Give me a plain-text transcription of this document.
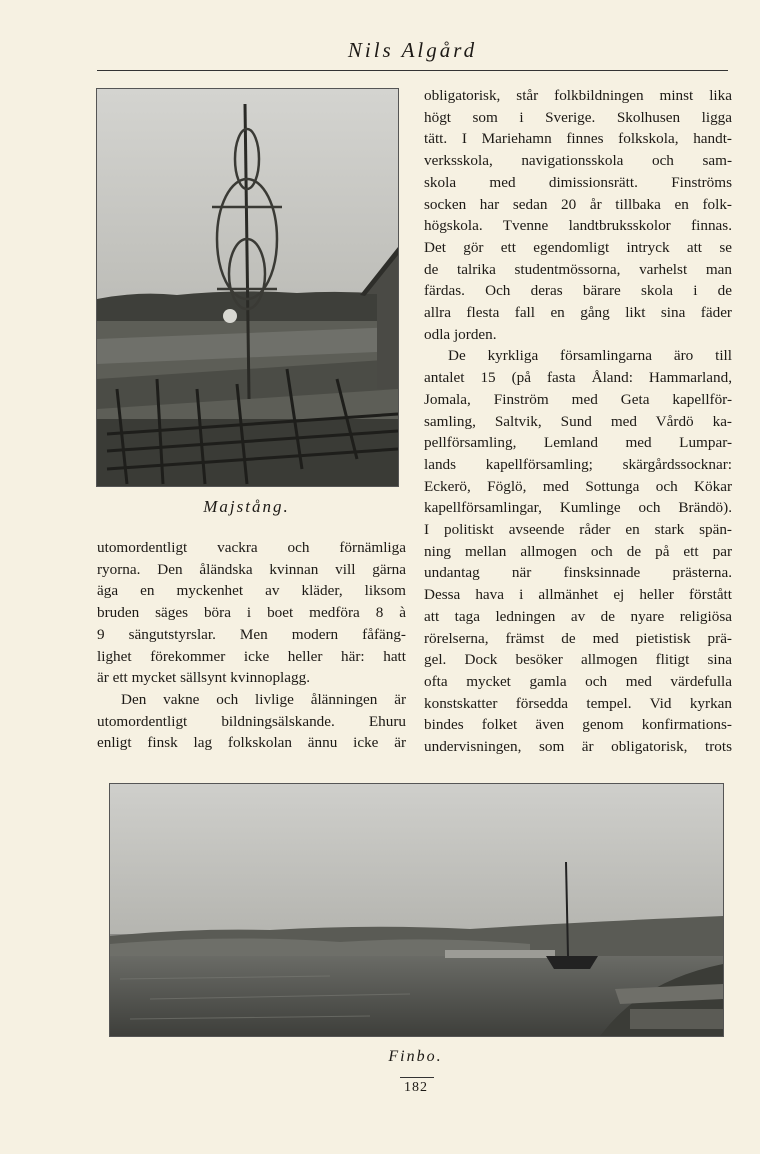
Nils Algård
Majstång.

utomordentligt vackra och förnämliga
ryorna. Den åländska kvinnan vill gärna
äga en myckenhet av kläder, liksom
bruden säges böra i boet medföra 8 à
9 sängutstyrslar. Men modern fåfäng-
lighet förekommer icke heller här: hatt
är ett mycket sällsynt kvinnoplagg.

Den vakne och livlige ålänningen är
utomordentligt bildningsälskande. Ehuru
enligt finsk lag folkskolan ännu icke är

obligatorisk, står folkbildningen minst lika
högt som i Sverige. Skolhusen ligga
tätt. I Mariehamn finnes folkskola, handt-
verksskola, navigationsskola och sam-
skola med dimissionsrätt. Finströms
socken har sedan 20 år tillbaka en folk-
högskola. Tvenne landtbruksskolor finnas.
Det gör ett egendomligt intryck att se
de talrika studentmössorna, varhelst man
färdas. Och deras bärare skola i de
allra flesta fall en gång likt sina fäder
odla jorden.

De kyrkliga församlingarna äro till
antalet 15 (på fasta Åland: Hammarland,
Jomala, Finström med Geta kapellför-
samling, Saltvik, Sund med Vårdö ka-
pellförsamling, Lemland med Lumpar-
lands kapellförsamling; skärgårdssocknar:
Eckerö, Föglö, med Sottunga och Kökar
kapellförsamlingar, Kumlinge och Brändö).
I politiskt avseende råder en stark spän-
ning mellan allmogen och de på ett par
undantag när finsksinnade prästerna.
Dessa hava i allmänhet ej heller förstått
att taga ledningen av de nyare religiösa
rörelserna, främst de med pietistisk prä-
gel. Dock besöker allmogen flitigt sina
ofta mycket gamla och med värdefulla
konstskatter försedda tempel. Vid kyrkan
bindes folket även genom konfirmations-
undervisningen, som är obligatorisk, trots

Finbo.
182
